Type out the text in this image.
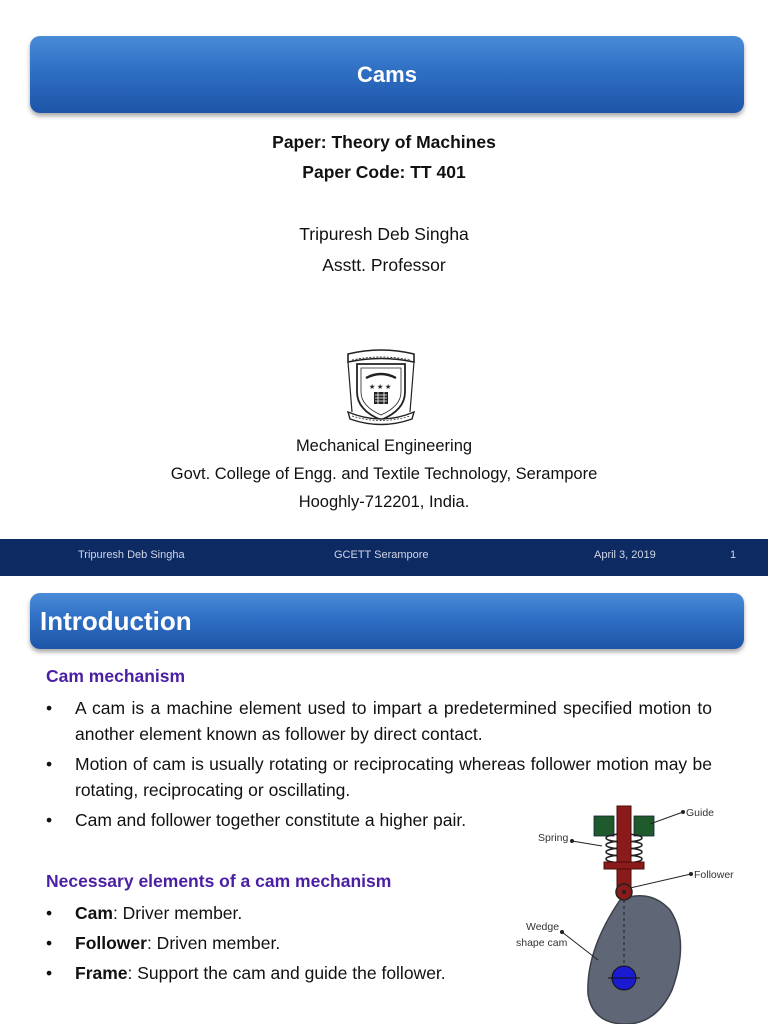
Cams
Paper: Theory of Machines
Paper Code: TT 401
Tripuresh Deb Singha
Asstt. Professor
★ ★ ★
Mechanical Engineering
Govt. College of Engg. and Textile Technology, Serampore
Hooghly-712201, India.
Tripuresh Deb Singha	GCETT Serampore	April 3, 2019	1
Introduction
Cam mechanism
• A cam is a machine element used to impart a predetermined specified motion to another element known as follower by direct contact.
• Motion of cam is usually rotating or reciprocating whereas follower motion may be rotating, reciprocating or oscillating.
• Cam and follower together constitute a higher pair.
Necessary elements of a cam mechanism
• Cam: Driver member.
• Follower: Driven member.
• Frame: Support the cam and guide the follower.
Guide
Spring
Follower
Wedge
shape cam
